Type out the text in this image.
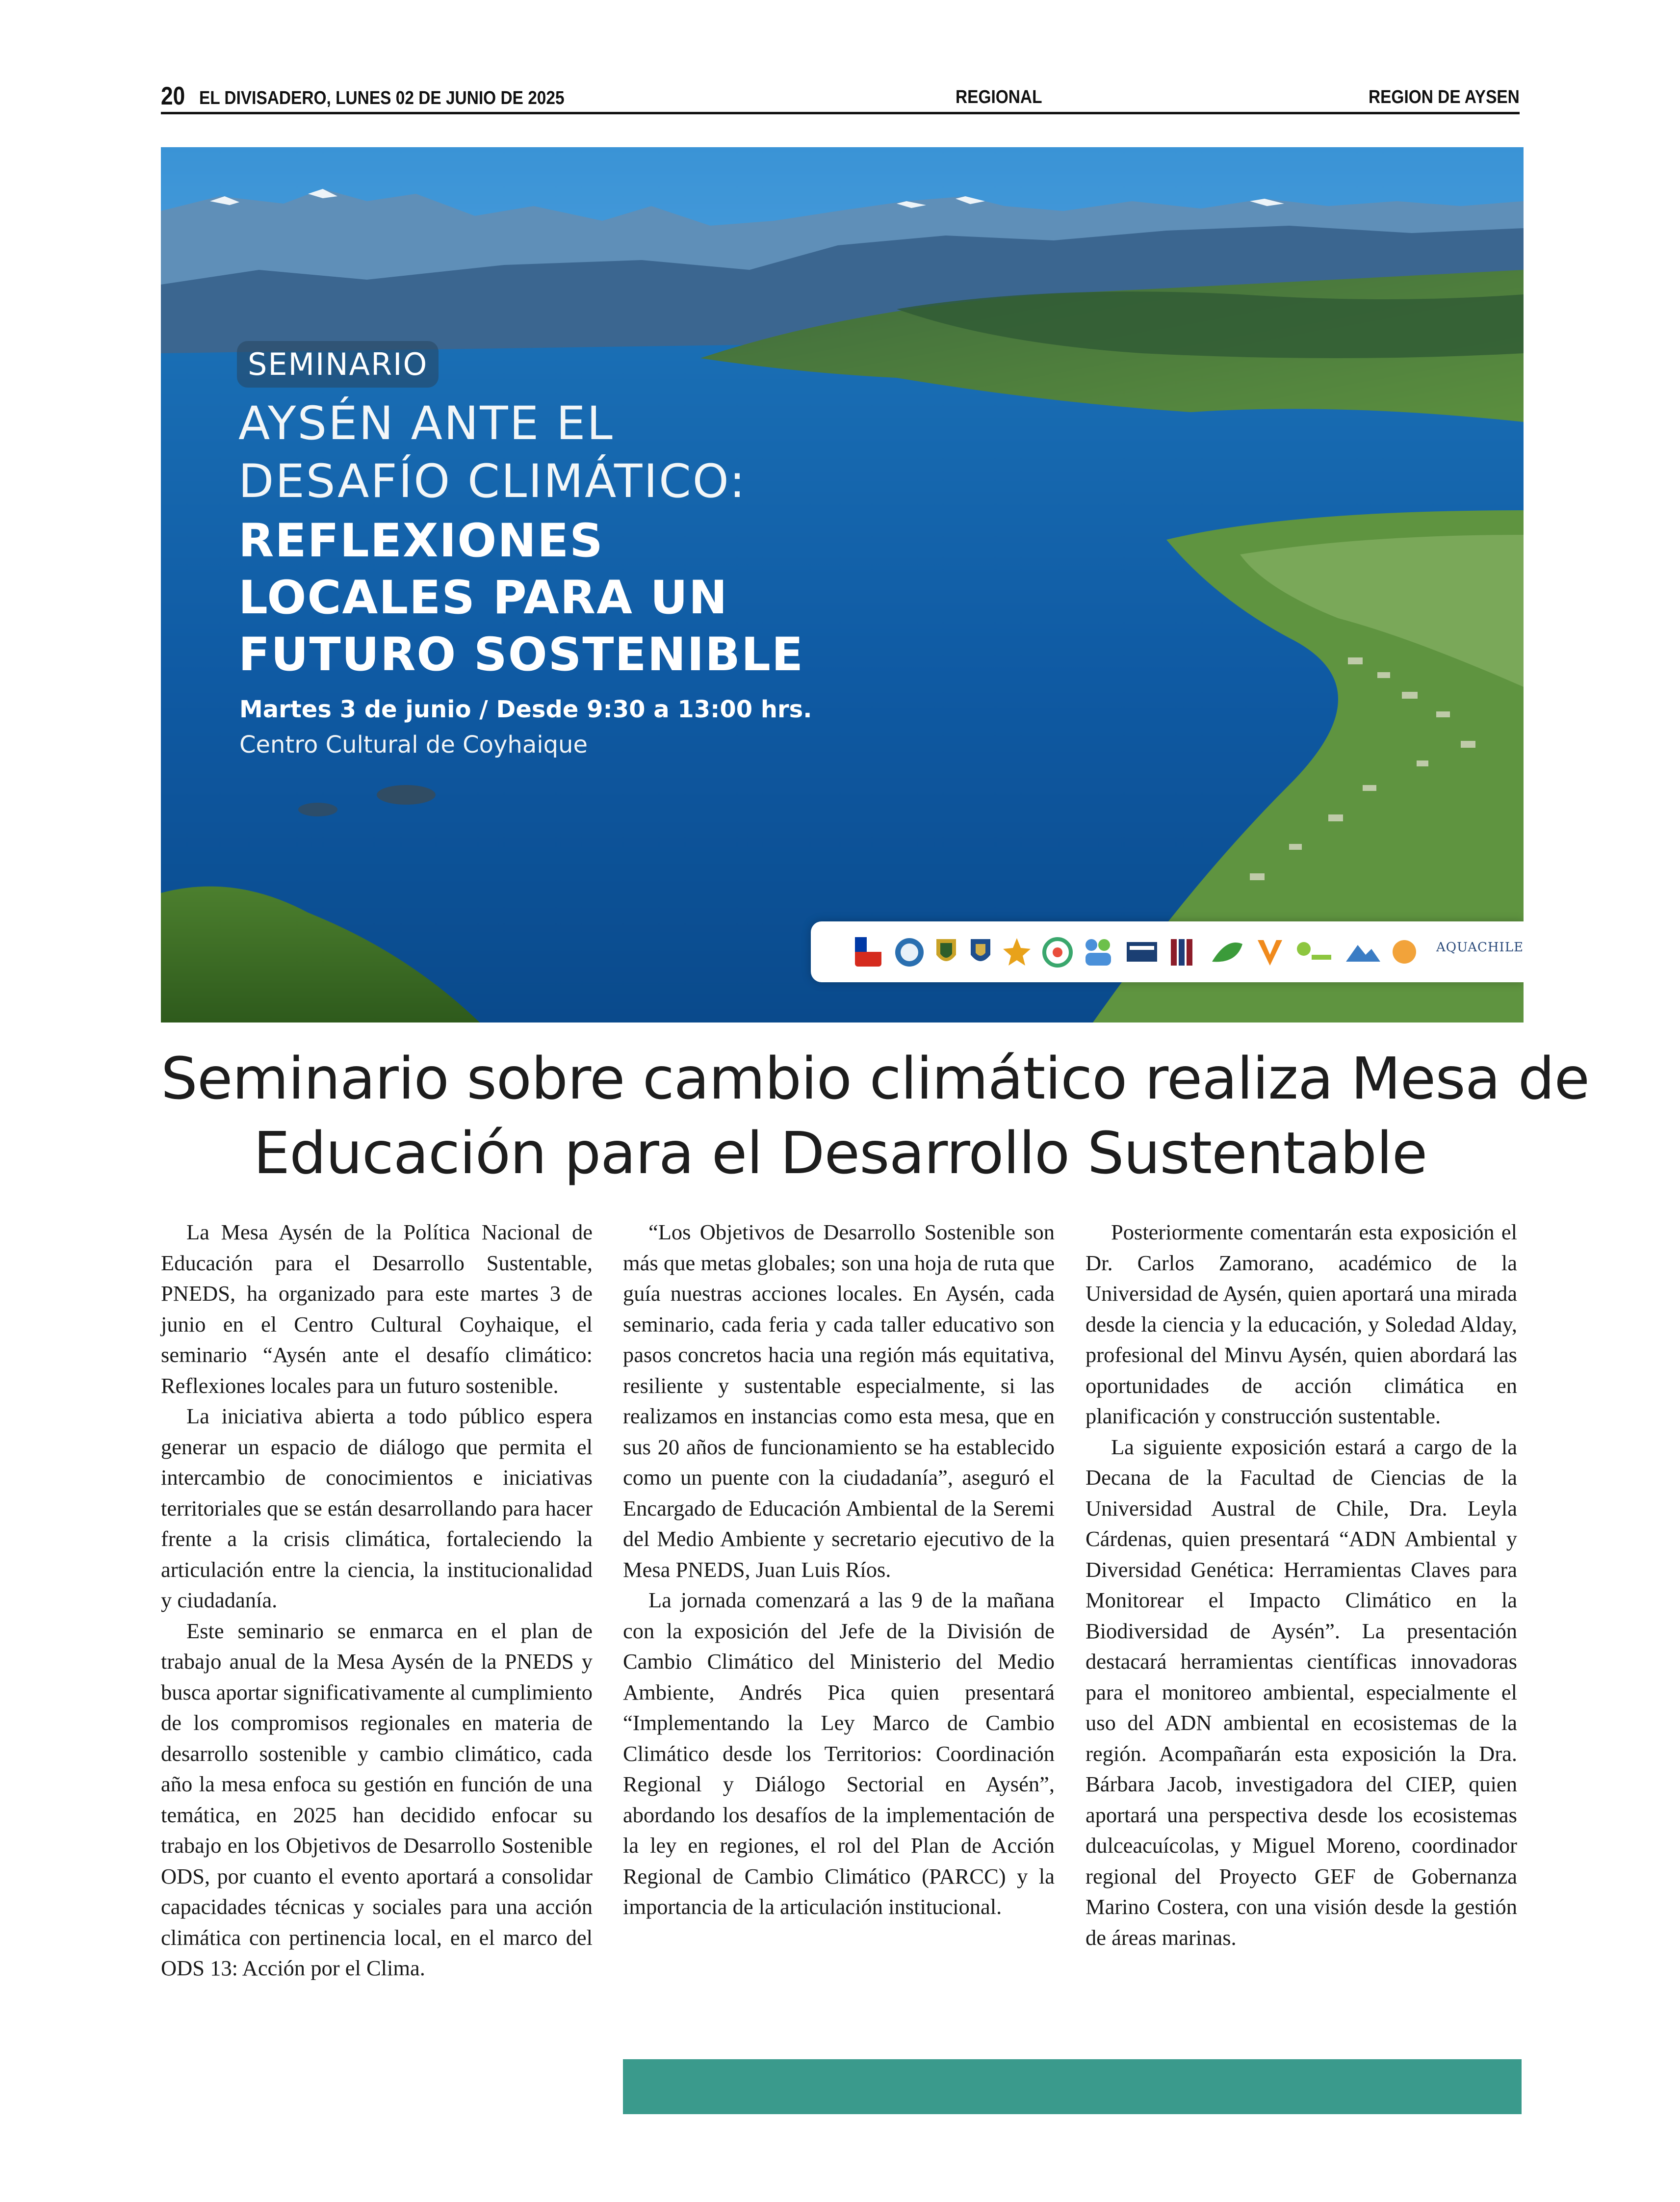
20 EL DIVISADERO, LUNES 02 DE JUNIO DE 2025	REGIONAL	REGION DE AYSEN
SEMINARIO
AYSÉN ANTE EL
DESAFÍO CLIMÁTICO:
REFLEXIONES
LOCALES PARA UN
FUTURO SOSTENIBLE
Martes 3 de junio / Desde 9:30 a 13:00 hrs.
Centro Cultural de Coyhaique
AQUACHILE
Seminario sobre cambio climático realiza Mesa de
Educación para el Desarrollo Sustentable

La Mesa Aysén de la Política Nacional de Educación para el Desarrollo Sustentable, PNEDS, ha organizado para este martes 3 de junio en el Centro Cultural Coyhaique, el seminario “Aysén ante el desafío climático: Reflexiones locales para un futuro sostenible.

La iniciativa abierta a todo público espera generar un espacio de diálogo que permita el intercambio de conocimientos e iniciativas territoriales que se están desarrollando para hacer frente a la crisis climática, fortaleciendo la articulación entre la ciencia, la institucionalidad y ciudadanía.

Este seminario se enmarca en el plan de trabajo anual de la Mesa Aysén de la PNEDS y busca aportar significativamente al cumplimiento de los compromisos regionales en materia de desarrollo sostenible y cambio climático, cada año la mesa enfoca su gestión en función de una temática, en 2025 han decidido enfocar su trabajo en los Objetivos de Desarrollo Sostenible ODS, por cuanto el evento aportará a consolidar capacidades técnicas y sociales para una acción climática con pertinencia local, en el marco del ODS 13: Acción por el Clima.

“Los Objetivos de Desarrollo Sostenible son más que metas globales; son una hoja de ruta que guía nuestras acciones locales. En Aysén, cada seminario, cada feria y cada taller educativo son pasos concretos hacia una región más equitativa, resiliente y sustentable especialmente, si las realizamos en instancias como esta mesa, que en sus 20 años de funcionamiento se ha establecido como un puente con la ciudadanía”, aseguró el Encargado de Educación Ambiental de la Seremi del Medio Ambiente y secretario ejecutivo de la Mesa PNEDS, Juan Luis Ríos.

La jornada comenzará a las 9 de la mañana con la exposición del Jefe de la División de Cambio Climático del Ministerio del Medio Ambiente, Andrés Pica quien presentará “Implementando la Ley Marco de Cambio Climático desde los Territorios: Coordinación Regional y Diálogo Sectorial en Aysén”, abordando los desafíos de la implementación de la ley en regiones, el rol del Plan de Acción Regional de Cambio Climático (PARCC) y la importancia de la articulación institucional.

Posteriormente comentarán esta exposición el Dr. Carlos Zamorano, académico de la Universidad de Aysén, quien aportará una mirada desde la ciencia y la educación, y Soledad Alday, profesional del Minvu Aysén, quien abordará las oportunidades de acción climática en planificación y construcción sustentable.

La siguiente exposición estará a cargo de la Decana de la Facultad de Ciencias de la Universidad Austral de Chile, Dra. Leyla Cárdenas, quien presentará “ADN Ambiental y Diversidad Genética: Herramientas Claves para Monitorear el Impacto Climático en la Biodiversidad de Aysén”. La presentación destacará herramientas científicas innovadoras para el monitoreo ambiental, especialmente el uso del ADN ambiental en ecosistemas de la región. Acompañarán esta exposición la Dra. Bárbara Jacob, investigadora del CIEP, quien aportará una perspectiva desde los ecosistemas dulceacuícolas, y Miguel Moreno, coordinador regional del Proyecto GEF de Gobernanza Marino Costera, con una visión desde la gestión de áreas marinas.
